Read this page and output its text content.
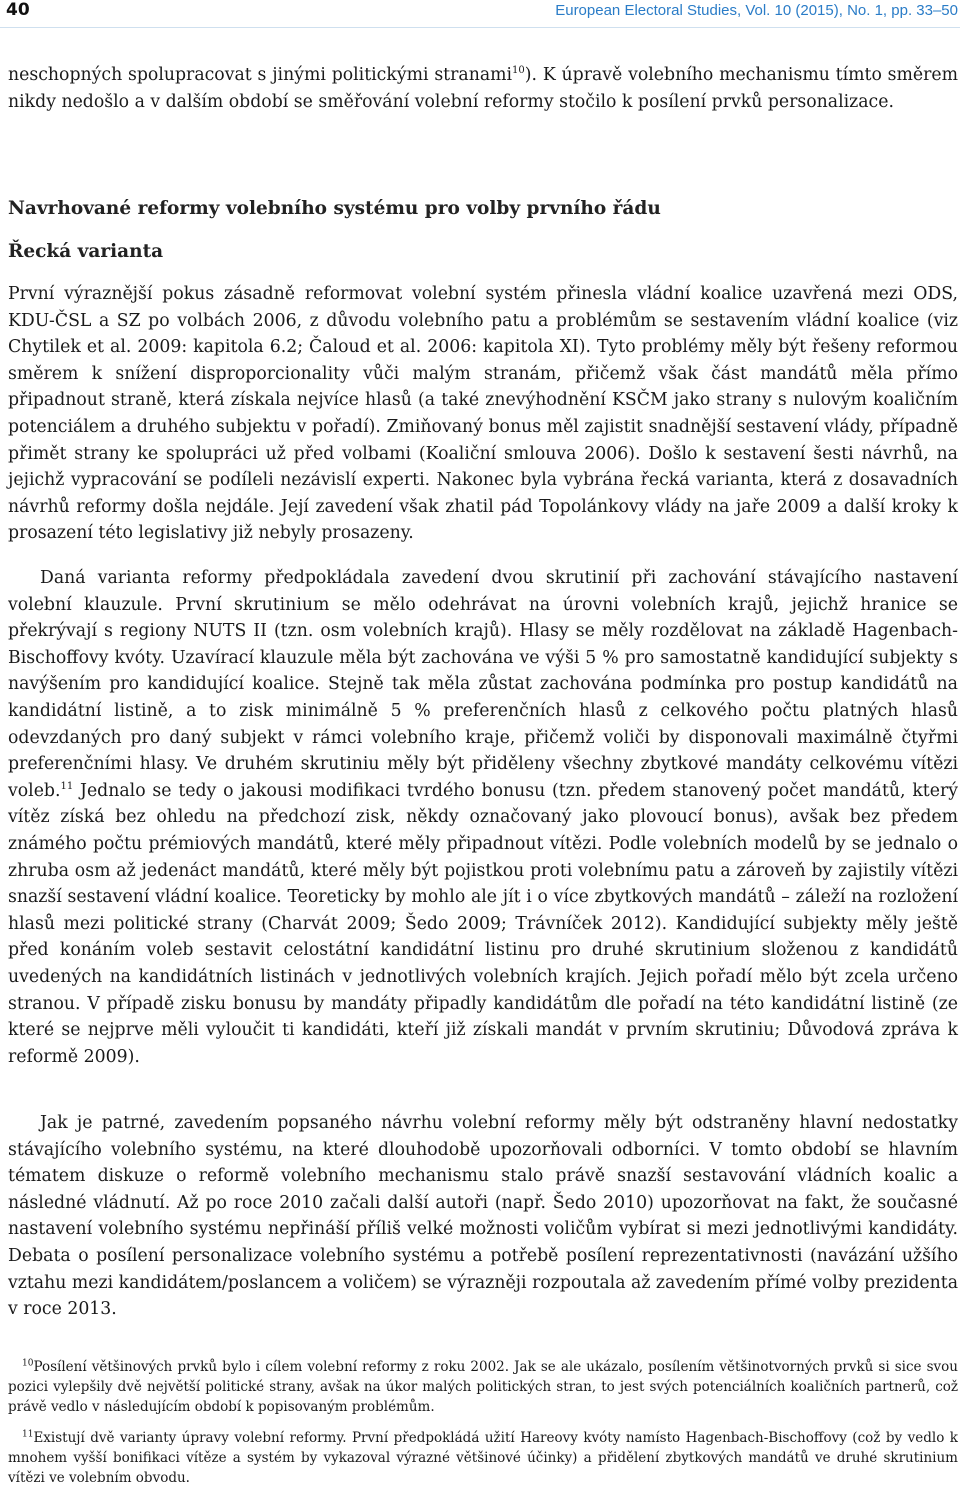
40	European Electoral Studies, Vol. 10 (2015), No. 1, pp. 33–50

neschopných spolupracovat s jinými politickými stranami$^{10}$). K úpravě volebního mechanismu tímto směrem nikdy nedošlo a v dalším období se směřování volební reformy stočilo k posílení prvků personalizace.

Navrhované reformy volebního systému pro volby prvního řádu
Řecká varianta

První výraznější pokus zásadně reformovat volební systém přinesla vládní koalice uzavřená mezi ODS, KDU-ČSL a SZ po volbách 2006, z důvodu volebního patu a problémům se sestavením vládní koalice (viz Chytilek et al. 2009: kapitola 6.2; Čaloud et al. 2006: kapitola XI). Tyto problémy měly být řešeny reformou směrem k snížení disproporcionality vůči malým stranám, přičemž však část mandátů měla přímo připadnout straně, která získala nejvíce hlasů (a také znevýhodnění KSČM jako strany s nulovým koaličním potenciálem a druhého subjektu v pořadí). Zmiňovaný bonus měl zajistit snadnější sestavení vlády, případně přimět strany ke spolupráci už před volbami (Koaliční smlouva 2006). Došlo k sestavení šesti návrhů, na jejichž vypracování se podíleli nezávislí experti. Nakonec byla vybrána řecká varianta, která z dosavadních návrhů reformy došla nejdále. Její zavedení však zhatil pád Topolánkovy vlády na jaře 2009 a další kroky k prosazení této legislativy již nebyly prosazeny.

Daná varianta reformy předpokládala zavedení dvou skrutinií při zachování stávajícího nastavení volební klauzule. První skrutinium se mělo odehrávat na úrovni volebních krajů, jejichž hranice se překrývají s regiony NUTS II (tzn. osm volebních krajů). Hlasy se měly rozdělovat na základě Hagenbach-Bischoffovy kvóty. Uzavírací klauzule měla být zachována ve výši 5 % pro samostatně kandidující subjekty s navýšením pro kandidující koalice. Stejně tak měla zůstat zachována podmínka pro postup kandidátů na kandidátní listině, a to zisk minimálně 5 % preferenčních hlasů z celkového počtu platných hlasů odevzdaných pro daný subjekt v rámci volebního kraje, přičemž voliči by disponovali maximálně čtyřmi preferenčními hlasy. Ve druhém skrutiniu měly být přiděleny všechny zbytkové mandáty celkovému vítězi voleb.$^{11}$ Jednalo se tedy o jakousi modifikaci tvrdého bonusu (tzn. předem stanovený počet mandátů, který vítěz získá bez ohledu na předchozí zisk, někdy označovaný jako plovoucí bonus), avšak bez předem známého počtu prémiových mandátů, které měly připadnout vítězi. Podle volebních modelů by se jednalo o zhruba osm až jedenáct mandátů, které měly být pojistkou proti volebnímu patu a zároveň by zajistily vítězi snazší sestavení vládní koalice. Teoreticky by mohlo ale jít i o více zbytkových mandátů – záleží na rozložení hlasů mezi politické strany (Charvát 2009; Šedo 2009; Trávníček 2012). Kandidující subjekty měly ještě před konáním voleb sestavit celostátní kandidátní listinu pro druhé skrutinium složenou z kandidátů uvedených na kandidátních listinách v jednotlivých volebních krajích. Jejich pořadí mělo být zcela určeno stranou. V případě zisku bonusu by mandáty připadly kandidátům dle pořadí na této kandidátní listině (ze které se nejprve měli vyloučit ti kandidáti, kteří již získali mandát v prvním skrutiniu; Důvodová zpráva k reformě 2009).

Jak je patrné, zavedením popsaného návrhu volební reformy měly být odstraněny hlavní nedostatky stávajícího volebního systému, na které dlouhodobě upozorňovali odborníci. V tomto období se hlavním tématem diskuze o reformě volebního mechanismu stalo právě snazší sestavování vládních koalic a následné vládnutí. Až po roce 2010 začali další autoři (např. Šedo 2010) upozorňovat na fakt, že současné nastavení volebního systému nepřináší příliš velké možnosti voličům vybírat si mezi jednotlivými kandidáty. Debata o posílení personalizace volebního systému a potřebě posílení reprezentativnosti (navázání užšího vztahu mezi kandidátem/poslancem a voličem) se výrazněji rozpoutala až zavedením přímé volby prezidenta v roce 2013.

$^{10}$Posílení většinových prvků bylo i cílem volební reformy z roku 2002. Jak se ale ukázalo, posílením většinotvorných prvků si sice svou pozici vylepšily dvě největší politické strany, avšak na úkor malých politických stran, to jest svých potenciálních koaličních partnerů, což právě vedlo v následujícím období k popisovaným problémům.

$^{11}$Existují dvě varianty úpravy volební reformy. První předpokládá užití Hareovy kvóty namísto Hagenbach-Bischoffovy (což by vedlo k mnohem vyšší bonifikaci vítěze a systém by vykazoval výrazné většinové účinky) a přidělení zbytkových mandátů ve druhé skrutinium vítězi ve volebním obvodu.
